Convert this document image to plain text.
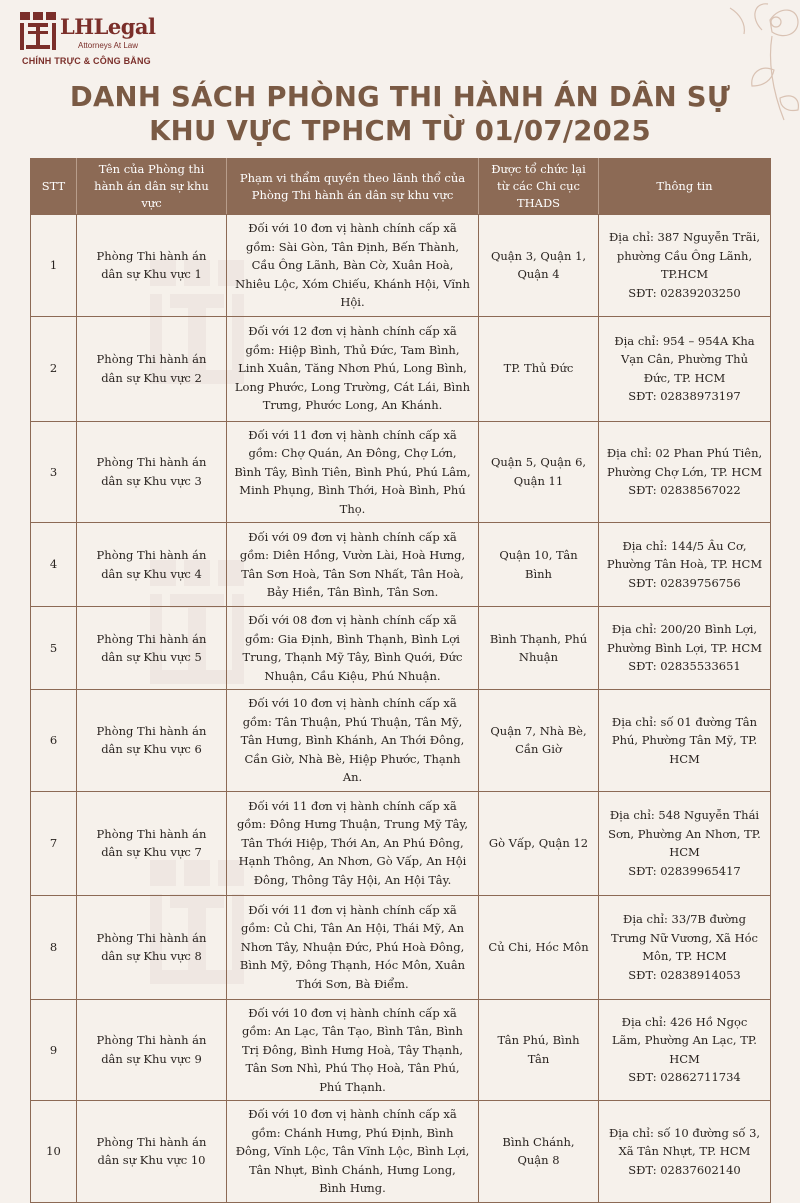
LHLegal
Attorneys At Law
CHÍNH TRỰC & CÔNG BẰNG
DANH SÁCH PHÒNG THI HÀNH ÁN DÂN SỰ
KHU VỰC TPHCM TỪ 01/07/2025
STT	Tên của Phòng thi hành án dân sự khu vực	Phạm vi thẩm quyền theo lãnh thổ của Phòng Thi hành án dân sự khu vực	Được tổ chức lại từ các Chi cục THADS	Thông tin
1	Phòng Thi hành án dân sự Khu vực 1	Đối với 10 đơn vị hành chính cấp xã gồm: Sài Gòn, Tân Định, Bến Thành, Cầu Ông Lãnh, Bàn Cờ, Xuân Hoà, Nhiêu Lộc, Xóm Chiếu, Khánh Hội, Vĩnh Hội.	Quận 3, Quận 1, Quận 4	Địa chỉ: 387 Nguyễn Trãi, phường Cầu Ông Lãnh, TP.HCM
SĐT: 02839203250

2	Phòng Thi hành án dân sự Khu vực 2	Đối với 12 đơn vị hành chính cấp xã gồm: Hiệp Bình, Thủ Đức, Tam Bình, Linh Xuân, Tăng Nhơn Phú, Long Bình, Long Phước, Long Trường, Cát Lái, Bình Trưng, Phước Long, An Khánh.	TP. Thủ Đức	Địa chỉ: 954 – 954A Kha Vạn Cân, Phường Thủ Đức, TP. HCM
SĐT: 02838973197

3	Phòng Thi hành án dân sự Khu vực 3	Đối với 11 đơn vị hành chính cấp xã gồm: Chợ Quán, An Đông, Chợ Lớn, Bình Tây, Bình Tiên, Bình Phú, Phú Lâm, Minh Phụng, Bình Thới, Hoà Bình, Phú Thọ.	Quận 5, Quận 6, Quận 11	Địa chỉ: 02 Phan Phú Tiên, Phường Chợ Lớn, TP. HCM
SĐT: 02838567022

4	Phòng Thi hành án dân sự Khu vực 4	Đối với 09 đơn vị hành chính cấp xã gồm: Diên Hồng, Vườn Lài, Hoà Hưng, Tân Sơn Hoà, Tân Sơn Nhất, Tân Hoà, Bảy Hiền, Tân Bình, Tân Sơn.	Quận 10, Tân Bình	Địa chỉ: 144/5 Âu Cơ, Phường Tân Hoà, TP. HCM
SĐT: 02839756756

5	Phòng Thi hành án dân sự Khu vực 5	Đối với 08 đơn vị hành chính cấp xã gồm: Gia Định, Bình Thạnh, Bình Lợi Trung, Thạnh Mỹ Tây, Bình Quới, Đức Nhuận, Cầu Kiệu, Phú Nhuận.	Bình Thạnh, Phú Nhuận	Địa chỉ: 200/20 Bình Lợi, Phường Bình Lợi, TP. HCM
SĐT: 02835533651

6	Phòng Thi hành án dân sự Khu vực 6	Đối với 10 đơn vị hành chính cấp xã gồm: Tân Thuận, Phú Thuận, Tân Mỹ, Tân Hưng, Bình Khánh, An Thới Đông, Cần Giờ, Nhà Bè, Hiệp Phước, Thạnh An.	Quận 7, Nhà Bè, Cần Giờ	Địa chỉ: số 01 đường Tân Phú, Phường Tân Mỹ, TP. HCM

7	Phòng Thi hành án dân sự Khu vực 7	Đối với 11 đơn vị hành chính cấp xã gồm: Đông Hưng Thuận, Trung Mỹ Tây, Tân Thới Hiệp, Thới An, An Phú Đông, Hạnh Thông, An Nhơn, Gò Vấp, An Hội Đông, Thông Tây Hội, An Hội Tây.	Gò Vấp, Quận 12	Địa chỉ: 548 Nguyễn Thái Sơn, Phường An Nhơn, TP. HCM
SĐT: 02839965417

8	Phòng Thi hành án dân sự Khu vực 8	Đối với 11 đơn vị hành chính cấp xã gồm: Củ Chi, Tân An Hội, Thái Mỹ, An Nhơn Tây, Nhuận Đức, Phú Hoà Đông, Bình Mỹ, Đông Thạnh, Hóc Môn, Xuân Thới Sơn, Bà Điểm.	Củ Chi, Hóc Môn	Địa chỉ: 33/7B đường Trưng Nữ Vương, Xã Hóc Môn, TP. HCM
SĐT: 02838914053

9	Phòng Thi hành án dân sự Khu vực 9	Đối với 10 đơn vị hành chính cấp xã gồm: An Lạc, Tân Tạo, Bình Tân, Bình Trị Đông, Bình Hưng Hoà, Tây Thạnh, Tân Sơn Nhì, Phú Thọ Hoà, Tân Phú, Phú Thạnh.	Tân Phú, Bình Tân	Địa chỉ: 426 Hồ Ngọc Lãm, Phường An Lạc, TP. HCM
SĐT: 02862711734

10	Phòng Thi hành án dân sự Khu vực 10	Đối với 10 đơn vị hành chính cấp xã gồm: Chánh Hưng, Phú Định, Bình Đông, Vĩnh Lộc, Tân Vĩnh Lộc, Bình Lợi, Tân Nhựt, Bình Chánh, Hưng Long, Bình Hưng.	Bình Chánh, Quận 8	Địa chỉ: số 10 đường số 3, Xã Tân Nhựt, TP. HCM
SĐT: 02837602140
